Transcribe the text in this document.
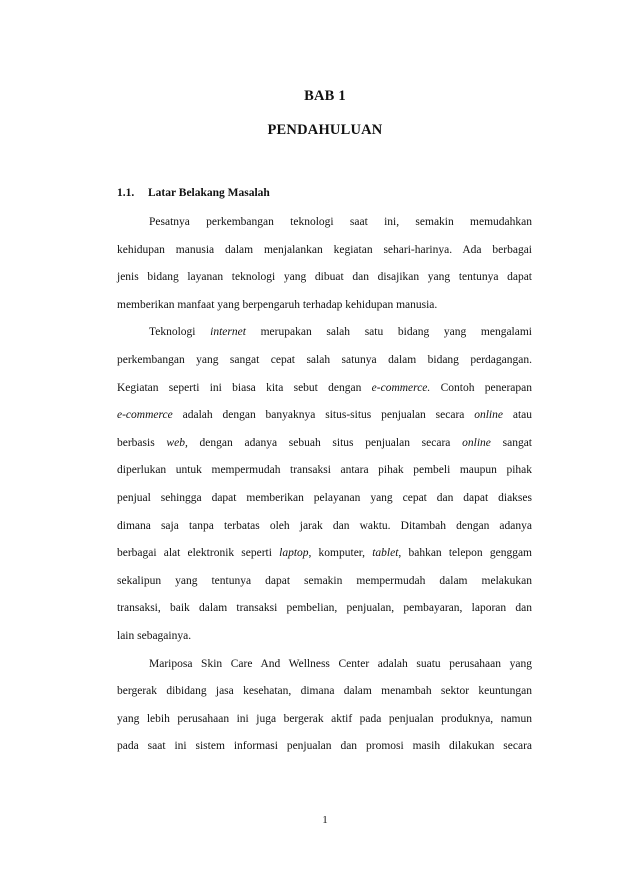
BAB 1
PENDAHULUAN
1.1. Latar Belakang Masalah
Pesatnya perkembangan teknologi saat ini, semakin memudahkan
kehidupan manusia dalam menjalankan kegiatan sehari-harinya. Ada berbagai
jenis bidang layanan teknologi yang dibuat dan disajikan yang tentunya dapat
memberikan manfaat yang berpengaruh terhadap kehidupan manusia.
Teknologi internet merupakan salah satu bidang yang mengalami
perkembangan yang sangat cepat salah satunya dalam bidang perdagangan.
Kegiatan seperti ini biasa kita sebut dengan e-commerce. Contoh penerapan
e-commerce adalah dengan banyaknya situs-situs penjualan secara online atau
berbasis web, dengan adanya sebuah situs penjualan secara online sangat
diperlukan untuk mempermudah transaksi antara pihak pembeli maupun pihak
penjual sehingga dapat memberikan pelayanan yang cepat dan dapat diakses
dimana saja tanpa terbatas oleh jarak dan waktu. Ditambah dengan adanya
berbagai alat elektronik seperti laptop, komputer, tablet, bahkan telepon genggam
sekalipun yang tentunya dapat semakin mempermudah dalam melakukan
transaksi, baik dalam transaksi pembelian, penjualan, pembayaran, laporan dan
lain sebagainya.
Mariposa Skin Care And Wellness Center adalah suatu perusahaan yang
bergerak dibidang jasa kesehatan, dimana dalam menambah sektor keuntungan
yang lebih perusahaan ini juga bergerak aktif pada penjualan produknya, namun
pada saat ini sistem informasi penjualan dan promosi masih dilakukan secara
1
